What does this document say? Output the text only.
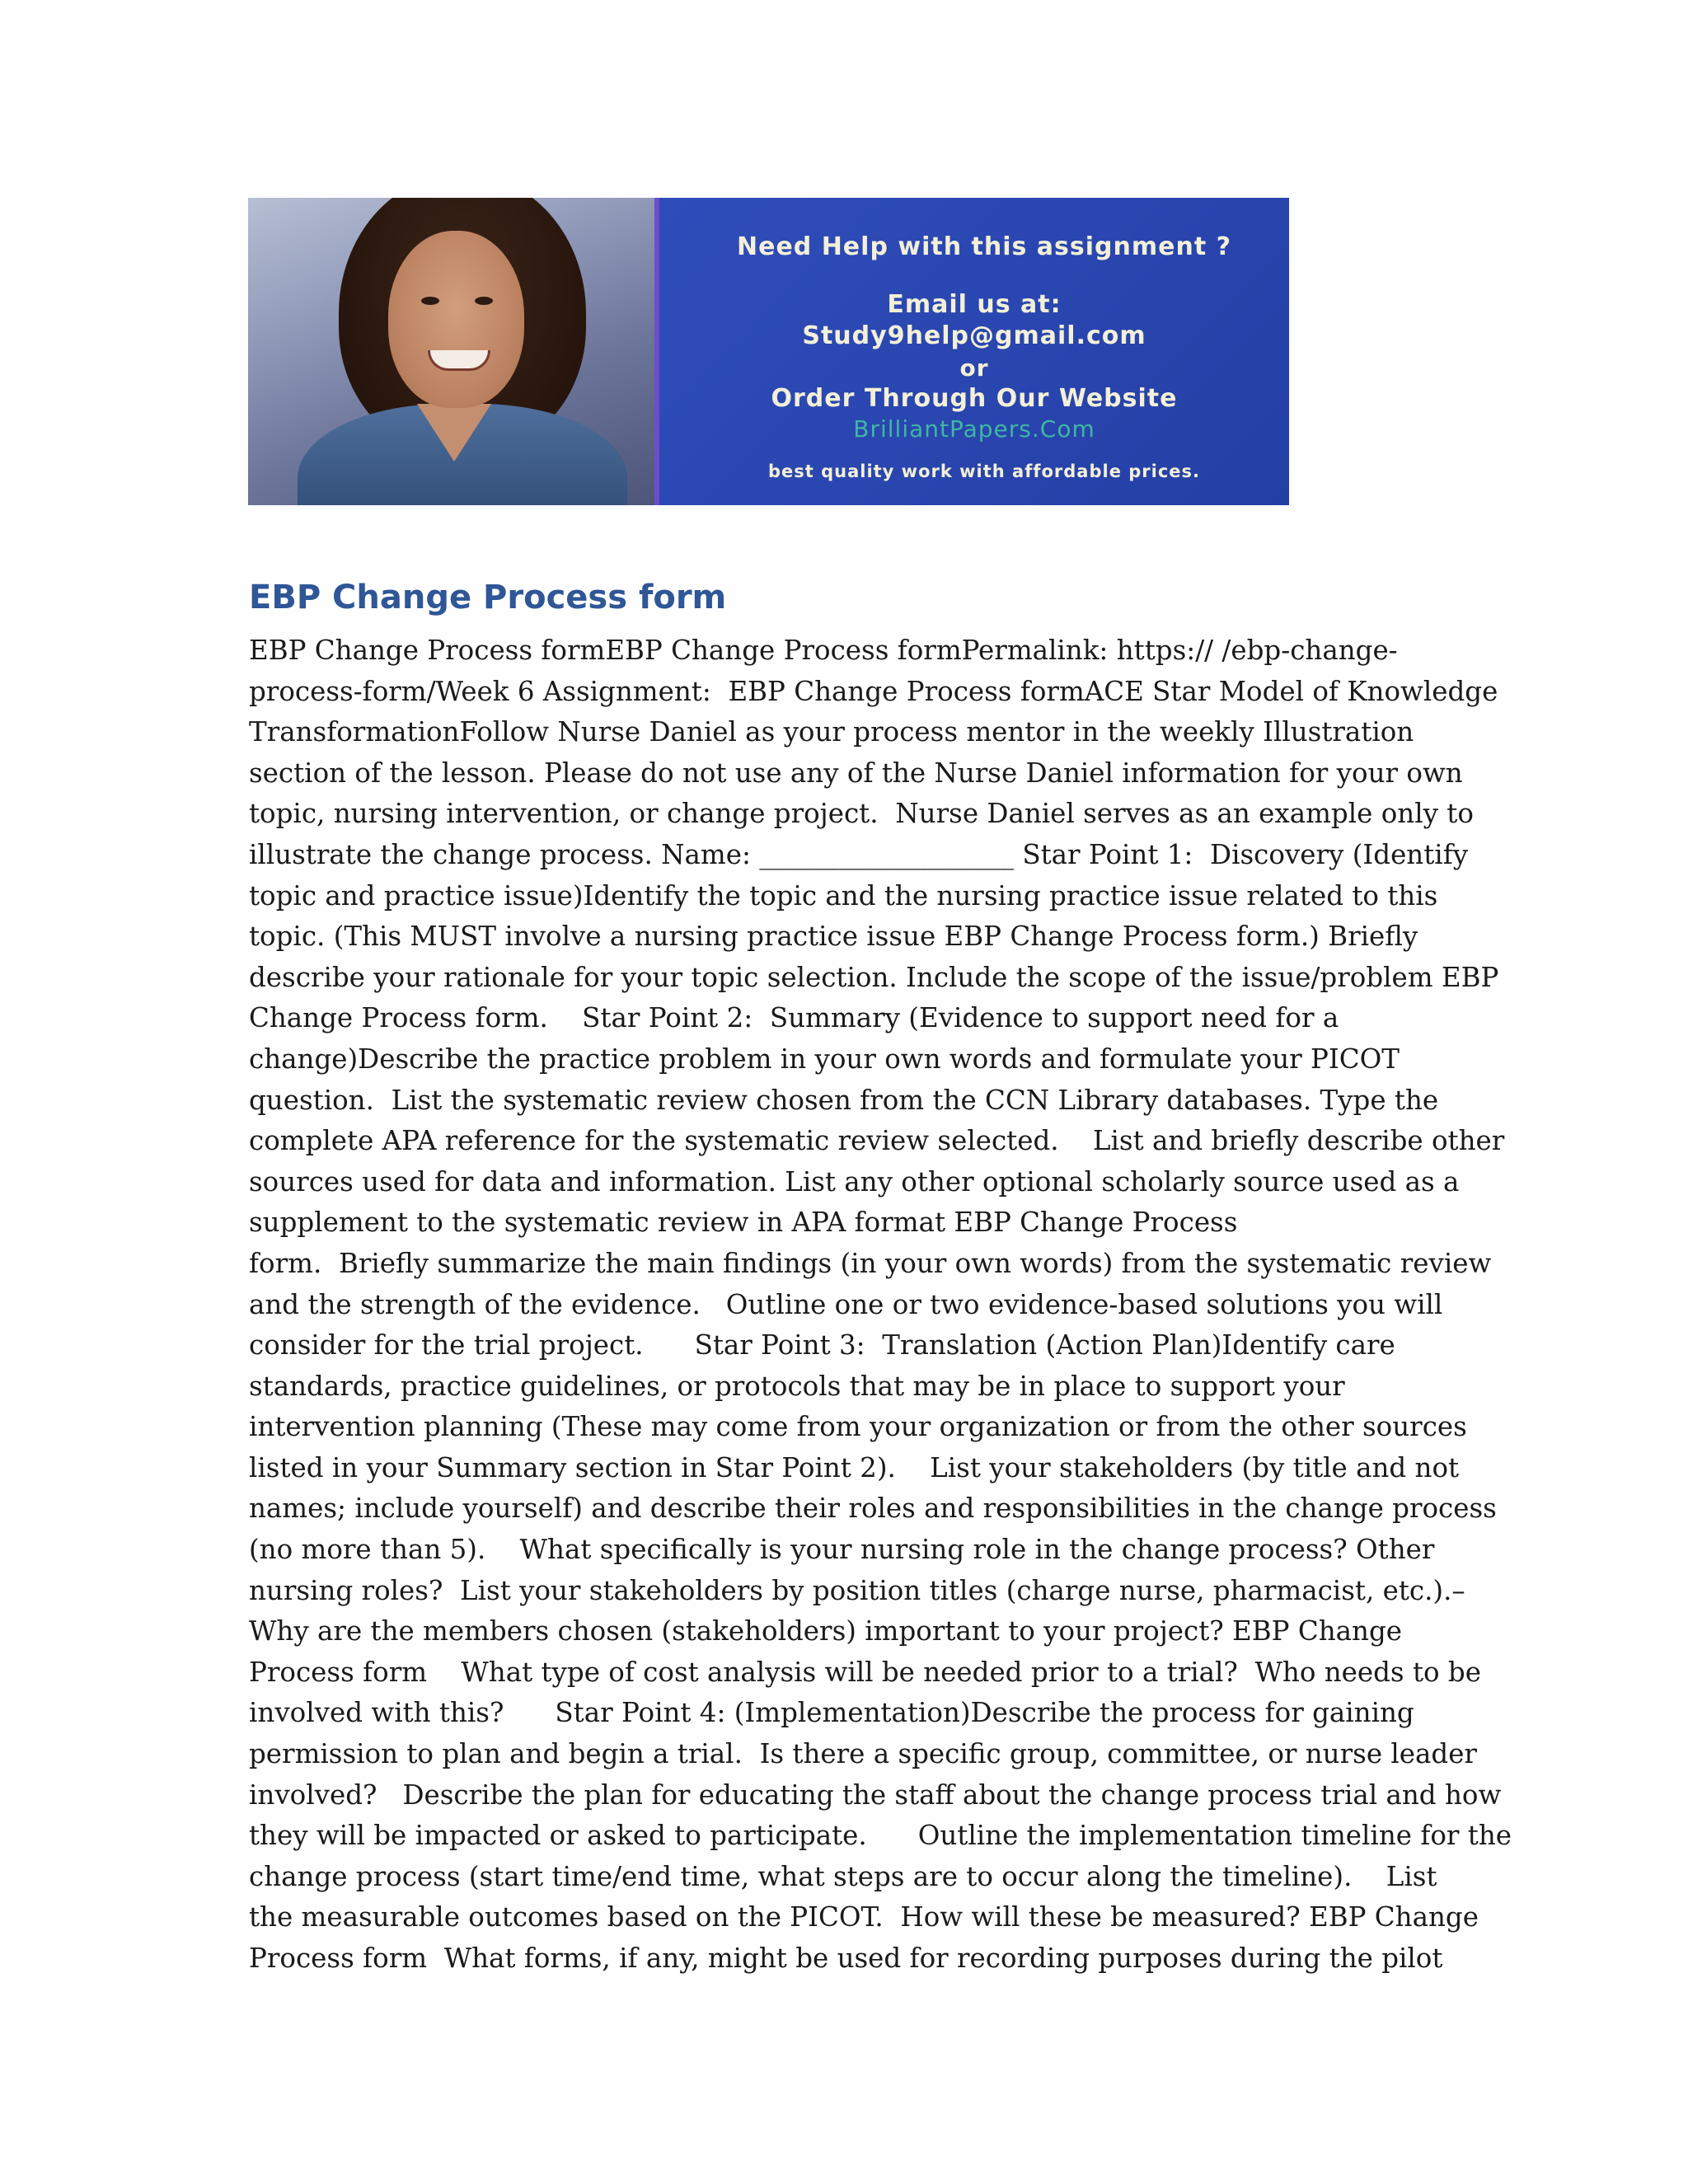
Need Help with this assignment ?
Email us at:
Study9help@gmail.com
or
Order Through Our Website
BrilliantPapers.Com
best quality work with affordable prices.
EBP Change Process form
EBP Change Process formEBP Change Process formPermalink: https:// /ebp-change-
process-form/Week 6 Assignment:  EBP Change Process formACE Star Model of Knowledge
TransformationFollow Nurse Daniel as your process mentor in the weekly Illustration
section of the lesson. Please do not use any of the Nurse Daniel information for your own
topic, nursing intervention, or change project.  Nurse Daniel serves as an example only to
illustrate the change process. Name: ___________________ Star Point 1:  Discovery (Identify
topic and practice issue)Identify the topic and the nursing practice issue related to this
topic. (This MUST involve a nursing practice issue EBP Change Process form.) Briefly
describe your rationale for your topic selection. Include the scope of the issue/problem EBP
Change Process form.    Star Point 2:  Summary (Evidence to support need for a
change)Describe the practice problem in your own words and formulate your PICOT
question.  List the systematic review chosen from the CCN Library databases. Type the
complete APA reference for the systematic review selected.    List and briefly describe other
sources used for data and information. List any other optional scholarly source used as a
supplement to the systematic review in APA format EBP Change Process
form.  Briefly summarize the main findings (in your own words) from the systematic review
and the strength of the evidence.   Outline one or two evidence-based solutions you will
consider for the trial project.      Star Point 3:  Translation (Action Plan)Identify care
standards, practice guidelines, or protocols that may be in place to support your
intervention planning (These may come from your organization or from the other sources
listed in your Summary section in Star Point 2).    List your stakeholders (by title and not
names; include yourself) and describe their roles and responsibilities in the change process
(no more than 5).    What specifically is your nursing role in the change process? Other
nursing roles?  List your stakeholders by position titles (charge nurse, pharmacist, etc.).–
Why are the members chosen (stakeholders) important to your project? EBP Change
Process form    What type of cost analysis will be needed prior to a trial?  Who needs to be
involved with this?      Star Point 4: (Implementation)Describe the process for gaining
permission to plan and begin a trial.  Is there a specific group, committee, or nurse leader
involved?   Describe the plan for educating the staff about the change process trial and how
they will be impacted or asked to participate.      Outline the implementation timeline for the
change process (start time/end time, what steps are to occur along the timeline).    List
the measurable outcomes based on the PICOT.  How will these be measured? EBP Change
Process form  What forms, if any, might be used for recording purposes during the pilot
